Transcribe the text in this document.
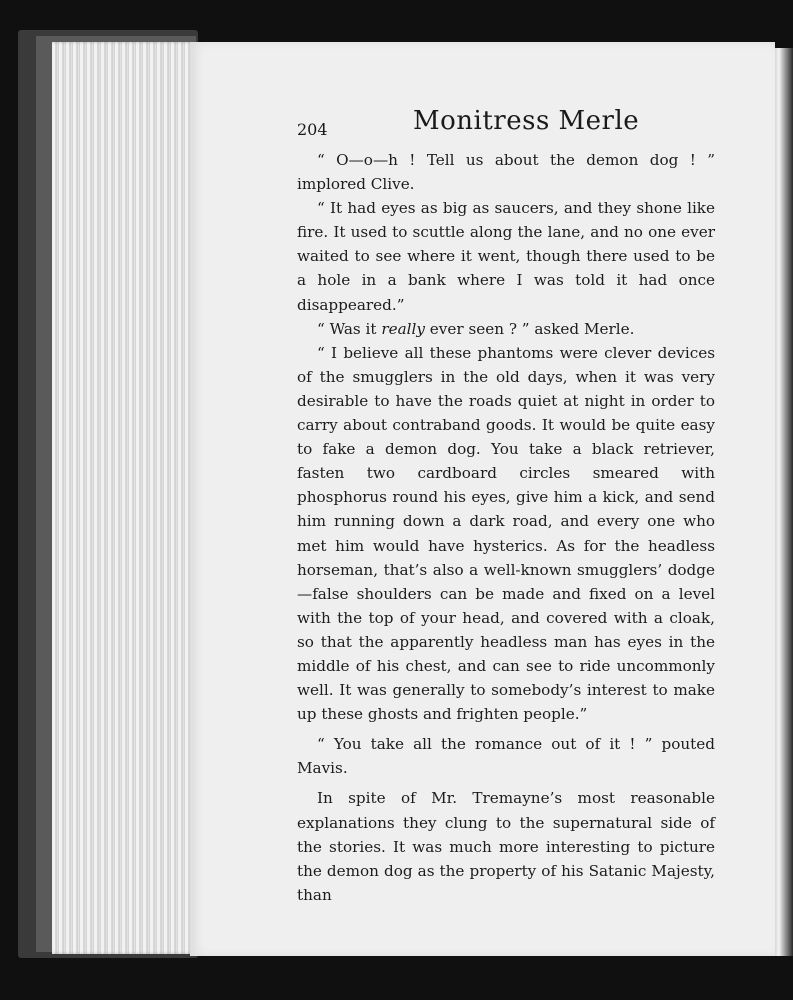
204	Monitress Merle

“ O—o—h ! Tell us about the demon dog ! ” implored Clive.

“ It had eyes as big as saucers, and they shone like fire. It used to scuttle along the lane, and no one ever waited to see where it went, though there used to be a hole in a bank where I was told it had once disappeared.”

“ Was it really ever seen ? ” asked Merle.

“ I believe all these phantoms were clever devices of the smugglers in the old days, when it was very desirable to have the roads quiet at night in order to carry about contraband goods. It would be quite easy to fake a demon dog. You take a black retriever, fasten two cardboard circles smeared with phosphorus round his eyes, give him a kick, and send him running down a dark road, and every one who met him would have hysterics. As for the headless horseman, that’s also a well-known smugglers’ dodge—false shoulders can be made and fixed on a level with the top of your head, and covered with a cloak, so that the apparently headless man has eyes in the middle of his chest, and can see to ride uncommonly well. It was generally to somebody’s interest to make up these ghosts and frighten people.”

“ You take all the romance out of it ! ” pouted Mavis.

In spite of Mr. Tremayne’s most reasonable explanations they clung to the supernatural side of the stories. It was much more interesting to picture the demon dog as the property of his Satanic Majesty, than
